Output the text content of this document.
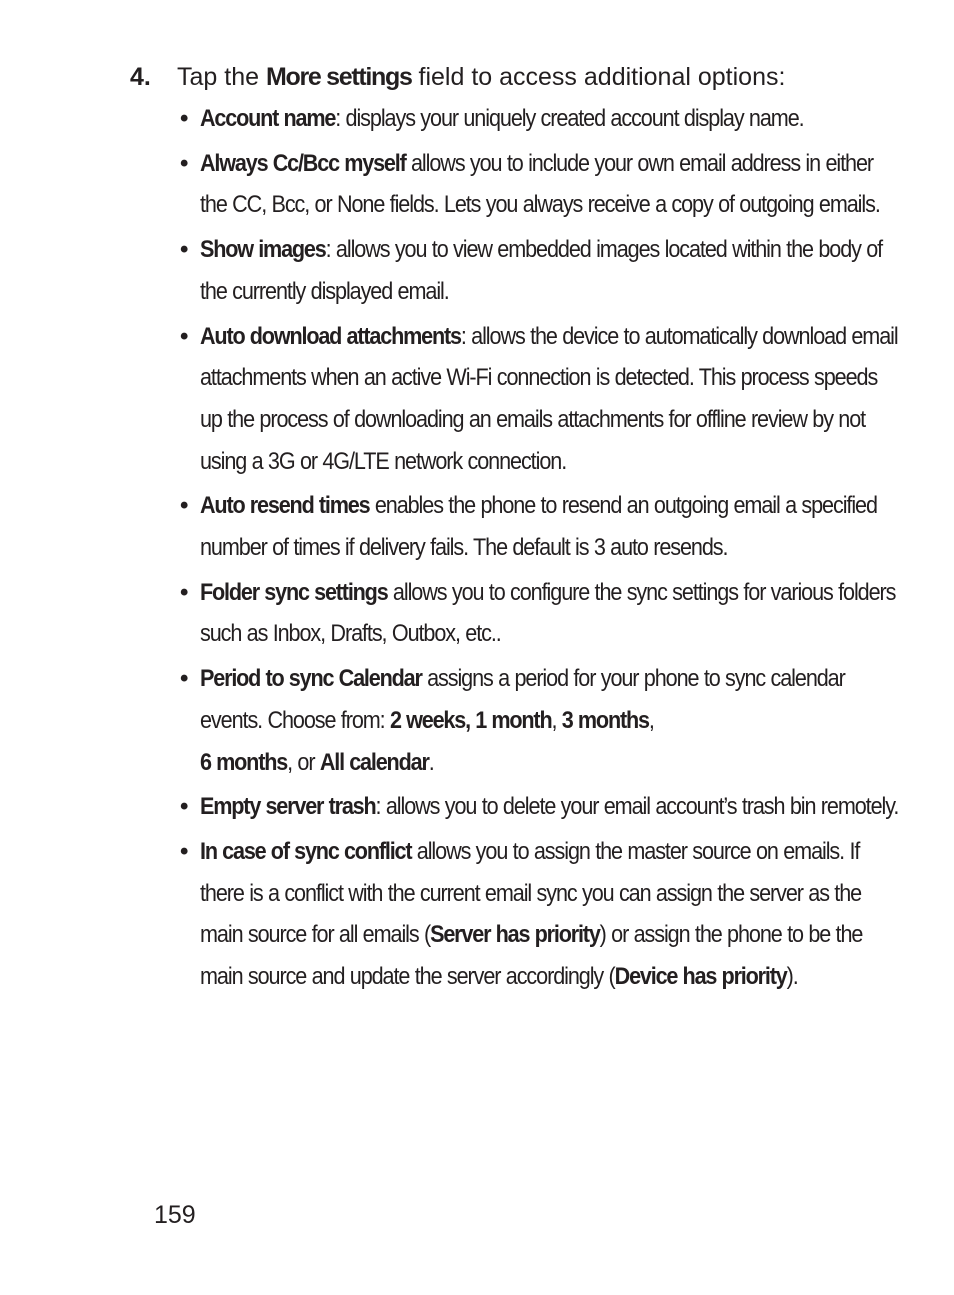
4. Tap the More settings field to access additional options:
• Account name: displays your uniquely created account display name.
• Always Cc/Bcc myself allows you to include your own email address in either the CC, Bcc, or None fields. Lets you always receive a copy of outgoing emails.
• Show images: allows you to view embedded images located within the body of the currently displayed email.
• Auto download attachments: allows the device to automatically download email attachments when an active Wi-Fi connection is detected. This process speeds up the process of downloading an emails attachments for offline review by not using a 3G or 4G/LTE network connection.
• Auto resend times enables the phone to resend an outgoing email a specified number of times if delivery fails. The default is 3 auto resends.
• Folder sync settings allows you to configure the sync settings for various folders such as Inbox, Drafts, Outbox, etc..
• Period to sync Calendar assigns a period for your phone to sync calendar events. Choose from: 2 weeks, 1 month, 3 months,
6 months, or All calendar.
• Empty server trash: allows you to delete your email account’s trash bin remotely.
• In case of sync conflict allows you to assign the master source on emails. If there is a conflict with the current email sync you can assign the server as the main source for all emails (Server has priority) or assign the phone to be the main source and update the server accordingly (Device has priority).
159
